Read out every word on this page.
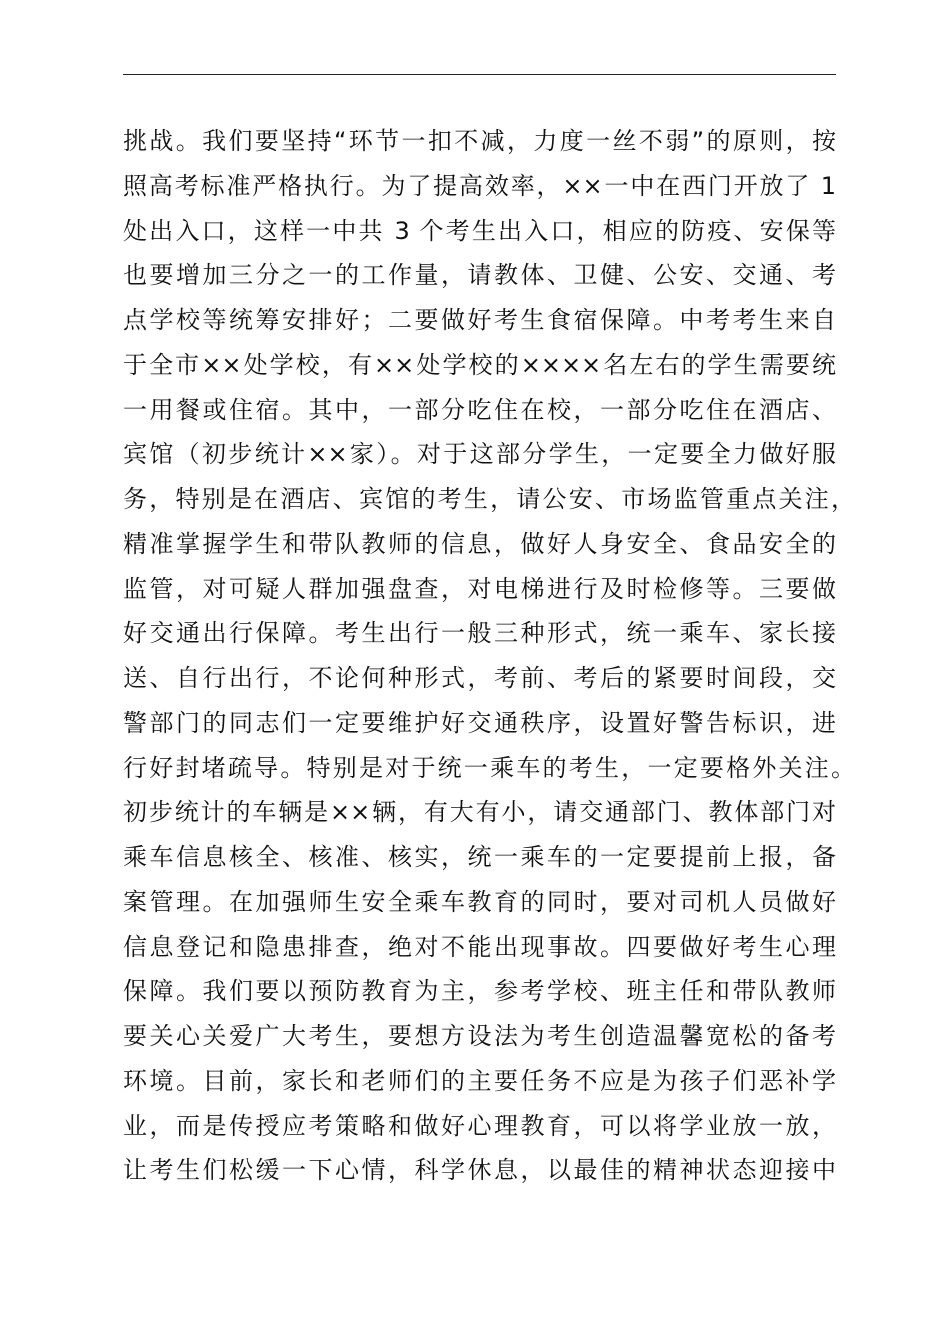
挑战。我们要坚持“环节一扣不减，力度一丝不弱”的原则，按
照高考标准严格执行。为了提高效率，××一中在西门开放了 1
处出入口，这样一中共 3 个考生出入口，相应的防疫、安保等
也要增加三分之一的工作量，请教体、卫健、公安、交通、考
点学校等统筹安排好；二要做好考生食宿保障。中考考生来自
于全市××处学校，有××处学校的××××名左右的学生需要统
一用餐或住宿。其中，一部分吃住在校，一部分吃住在酒店、
宾馆（初步统计××家）。对于这部分学生，一定要全力做好服
务，特别是在酒店、宾馆的考生，请公安、市场监管重点关注，
精准掌握学生和带队教师的信息，做好人身安全、食品安全的
监管，对可疑人群加强盘查，对电梯进行及时检修等。三要做
好交通出行保障。考生出行一般三种形式，统一乘车、家长接
送、自行出行，不论何种形式，考前、考后的紧要时间段，交
警部门的同志们一定要维护好交通秩序，设置好警告标识，进
行好封堵疏导。特别是对于统一乘车的考生，一定要格外关注。
初步统计的车辆是××辆，有大有小，请交通部门、教体部门对
乘车信息核全、核准、核实，统一乘车的一定要提前上报，备
案管理。在加强师生安全乘车教育的同时，要对司机人员做好
信息登记和隐患排查，绝对不能出现事故。四要做好考生心理
保障。我们要以预防教育为主，参考学校、班主任和带队教师
要关心关爱广大考生，要想方设法为考生创造温馨宽松的备考
环境。目前，家长和老师们的主要任务不应是为孩子们恶补学
业，而是传授应考策略和做好心理教育，可以将学业放一放，
让考生们松缓一下心情，科学休息，以最佳的精神状态迎接中
